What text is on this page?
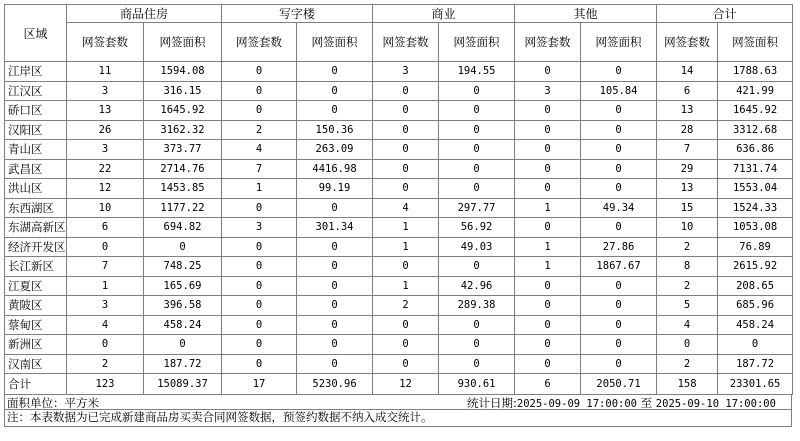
区域	商品住房		写字楼		商业		其他		合计	
	网签套数	网签面积	网签套数	网签面积	网签套数	网签面积	网签套数	网签面积	网签套数	网签面积
江岸区	11	1594.08	0	0	3	194.55	0	0	14	1788.63
江汉区	3	316.15	0	0	0	0	3	105.84	6	421.99
硚口区	13	1645.92	0	0	0	0	0	0	13	1645.92
汉阳区	26	3162.32	2	150.36	0	0	0	0	28	3312.68
青山区	3	373.77	4	263.09	0	0	0	0	7	636.86
武昌区	22	2714.76	7	4416.98	0	0	0	0	29	7131.74
洪山区	12	1453.85	1	99.19	0	0	0	0	13	1553.04
东西湖区	10	1177.22	0	0	4	297.77	1	49.34	15	1524.33
东湖高新区	6	694.82	3	301.34	1	56.92	0	0	10	1053.08
经济开发区	0	0	0	0	1	49.03	1	27.86	2	76.89
长江新区	7	748.25	0	0	0	0	1	1867.67	8	2615.92
江夏区	1	165.69	0	0	1	42.96	0	0	2	208.65
黄陂区	3	396.58	0	0	2	289.38	0	0	5	685.96
蔡甸区	4	458.24	0	0	0	0	0	0	4	458.24
新洲区	0	0	0	0	0	0	0	0	0	0
汉南区	2	187.72	0	0	0	0	0	0	2	187.72
合计	123	15089.37	17	5230.96	12	930.61	6	2050.71	158	23301.65
面积单位：平方米	统计日期:2025-09-09 17:00:00 至 2025-09-10 17:00:00
注：本表数据为已完成新建商品房买卖合同网签数据，预签约数据不纳入成交统计。
